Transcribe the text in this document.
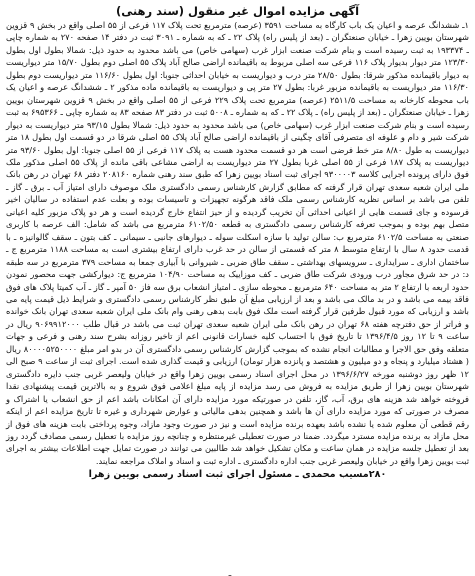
آگهی مزایده اموال غیر منقول (سند رهنی)

۱ـ ششدانگ عرصه و اعیان یک باب کارگاه به مساحت ۳۵۹۱ (عرصه) مترمربع تحت پلاک ۱۱۷ فرعی از ۵۵ اصلی واقع در بخش ۹ قزوین شهرستان بویین زهرا ـ خیابان صنعتگران ـ (بعد از پلیس راه) پلاک ۲۲ ـ که به شماره ـ ۳۰۹۱ ثبت در دفتر ۱۴ صفحه ۲۷۰ به شماره چاپی ـ ۱۹۳۳۷۴ به ثبت رسیده است و بنام شرکت صنعت ابزار غرب (سهامی خاص) می باشد محدود به حدود ذیل: شمالا بطول اول بطول ۱۲۳/۳۰ متر دیوار بدیوار پلاک ۱۱۶ فرعی سه اصلی مربوط به باقیمانده اراضی صالح آباد پلاک ۵۵ اصلی دوم بطول ۱۵/۷۰ متر دیواریست به دیوار باقیمانده مذکور شرقا: بطول ۲۸/۵۰ متر درب و دیواریست به خیابان احداثی جنوبا: اول بطول ۱۱۶/۶۰ متر دیواریست دوم بطول ۱۱۶/۳۰ متر دیواریست به باقیمانده مزبور غربا: بطول ۲۷ متر پی و دیواریست به باقیمانده ماده مذکور ۲ ـ ششدانگ عرصه و اعیان یک باب محوطه کارخانه به مساحت ۲۵۱۱/۵ (عرصه) مترمربع تحت پلاک ۲۲۹ فرعی از ۵۵ اصلی واقع در بخش ۹ قزوین شهرستان بویین زهرا ـ خیابان صنعتگران ـ (بعد از پلیس راه) ـ پلاک ۲۲ ـ که به شماره ـ ۵۰۰۸ ثبت در دفتر ۸۳ صفحه ۸۳ به شماره چاپی ـ ۶۹۵۳۶۶ به ثبت رسیده است و بنام شرکت صنعت ابزار غرب (سهامی خاص) می باشد محدود به حدود ذیل: شمالا بطول ۹۳/۱۵ متر دیواریست به دیوار شرکت شیر و دام و علوفه ای متصرفی آقای چگینی از باقیمانده اراضی صالح آباد پلاک ۵۵ اصلی شرقا در دو قسمت اول بطول ۱۸ متر دیواریست به طول ۸/۸۰ متر خط فرضی است هر دو قسمت محدود هست به پلاک ۱۱۷ فرعی از ۵۵ اصلی جنوبا: اول بطول ۹۳/۶۰ متر دیواریست به پلاک ۱۸۷ فرعی از ۵۵ اصلی غربا بطول ۲۷ متر دیواریست به اراضی مشاعی باقی مانده از پلاک ۵۵ اصلی مذکور ملک فوق دارای پرونده اجرایی کلاسه ۹۳۰۰۰۰۳ اجرای ثبت اسناد بویین زهرا که طبق سند رهنی شماره ۲۰۸۱۶۰ دفتر ۶۸ تهران در رهن بانک ملی ایران شعبه سعدی تهران قرار گرفته که مطابق گزارش کارشناس رسمی دادگستری ملک موصوف دارای امتیاز آب ـ برق ـ گاز ـ تلفن می باشد بر اساس نظریه کارشناس رسمی ملک فاقد هرگونه تجهیزات و تاسیسات بوده و بعلت عدم استفاده در سالیان اخیر فرسوده و جای قسمت هایی از اعیانی احداثی آن تخریب گردیده و از حیز انتفاع خارج گردیده است و هر دو پلاک مزبور کلیه اعیانی متصل بهم بوده و بموجب تعرفه کارشناس رسمی دادگستری به قطعه ۶۱۰۲/۵۰ مترمربع می باشد که شامل: الف عرصه با کاربری صنعتی به مساحت ۶۱۰۲/۵ مترمربع ب: سالن تولید با سازه اسکلت سوله ـ دیوارهای جانبی ـ سیمانی ـ کف بتون ـ سقف گالوانیزه ـ با قدمت حدود ۸ سال با ارتفاع متوسط ۸ متر که قسمتی از سالن در حد غرب دارای ارتفاع بیشتری است به مساحت ۱۱۸۸ مترمربع ج ـ ساختمان اداری ـ سرایداری ـ سرویسهای بهداشتی ـ سقف طاق ضربی ـ شیروانی با آبیاری جمعا به مساحت ۳۷۹ مترمربع در سه طبقه د: در حد شرق مجاور درب ورودی شرکت طاق ضربی ـ کف موزاییک به مساحت ۱۰۴/۹۰ مترمربع ج: دیوارکشی جهت محصور نمودن حدود اربعه با ارتفاع ۲ متر به مساحت ۶۴۰ مترمربع ـ محوطه سازی ـ امتیاز انشعاب برق سه فاز ۵۰ آمپر ـ گاز ـ آب کمیتا پلاک های فوق فاقد بیمه می باشد و در بد مالک می باشد و بعد از ارزیابی مبلغ آن طبق نظر کارشناس رسمی دادگستری و شرایط ذیل قیمت پایه می باشد و ارزیابی که مورد قبول طرفین قرار گرفته است ملک فوق بابت بدهی رهنی وام بانک ملی ایران شعبه سعدی تهران بانک خوانده و فراتر از حق دفترچه هفته ۶۸ تهران در رهن بانک ملی ایران شعبه سعدی تهران ثبت می باشد در قبال طلب ۹۰۶۹۹۱۲۰۰۰ ریال در ساعت ۹ تا ۱۲ روز ۱۳۹۶/۴/۵ تا تاریخ فوق با احتساب کلیه خسارات قانونی اعم از تاخیر روزانه بشرح سند رهنی و فرعی و جهات متعلقه وفق حق الاجرا و مطالبات انجام نشده که بموجب گزارش کارشناس رسمی دادگستری آن در بدو امر مبلغ ۸۰۰۰۰۵۲۵۰۰۰۰ ریال ( هشتاد میلیارد و پنجاه و دو میلیون و هشتصد و پانزده هزار تومان) ارزیابی و قیمت گذاری شده است. اجرای ثبت از ساعت ۹ صبح الی ۱۲ ظهر روز دوشنبه مورخه ۱۳۹۶/۶/۲۷ در محل اجرای اسناد رسمی بویین زهرا واقع در خیابان ولیعصر غربی جنب دایره دادگستری شهرستان بویین زهرا از طریق مزایده به فروش می رسد مزایده از پایه مبلغ اعلامی فوق شروع و به بالاترین قیمت پیشنهادی نقدا فروخته خواهد شد هزینه های برق، آب، گاز، تلفن در صورتیکه مورد مزایده دارای آن امکانات باشد اعم از حق انشعاب یا اشتراک و مصرف در صورتی که مورد مزایده دارای آن ها باشد و همچنین بدهی مالیاتی و عوارض شهرداری و غیره تا تاریخ مزایده اعم از اینکه رقم قطعی آن معلوم شده یا نشده باشد بعهده برنده مزایده است و نیز در صورت وجود مازاد، وجوه پرداختی بابت هزینه های فوق از محل مازاد به برنده مزایده مسترد میگردد. ضمنا در صورت تعطیلی غیرمنتظره و چنانچه روز مزایده با تعطیل رسمی مصادف گردد روز بعد از تعطیل جلسه مزایده در همان ساعت و مکان تشکیل خواهد شد طالبین می توانند در صورت تمایل جهت اطلاعات بیشتر به اجرای ثبت بویین زهرا واقع در خیابان ولیعصر غربی جنب اداره دادگستری ـ اداره ثبت و اسناد و املاک مراجعه نمایند.

۲۸۰مسیب محمدی ـ مسئول اجرای ثبت اسناد رسمی بویین زهرا
ـ
